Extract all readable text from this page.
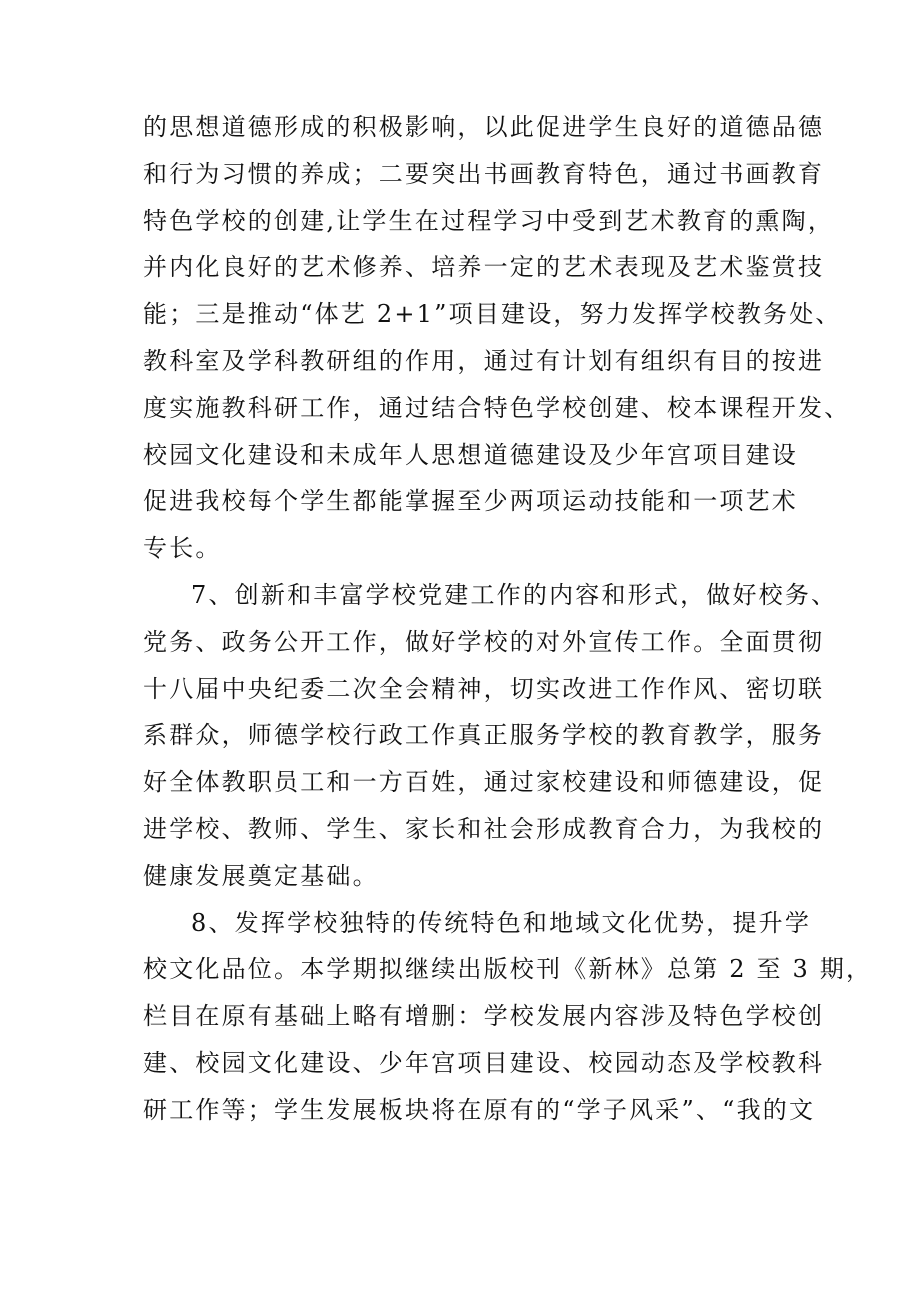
的思想道德形成的积极影响，以此促进学生良好的道德品德
和行为习惯的养成；二要突出书画教育特色，通过书画教育
特色学校的创建,让学生在过程学习中受到艺术教育的熏陶，
并内化良好的艺术修养、培养一定的艺术表现及艺术鉴赏技
能；三是推动“体艺 2+1”项目建设，努力发挥学校教务处、
教科室及学科教研组的作用，通过有计划有组织有目的按进
度实施教科研工作，通过结合特色学校创建、校本课程开发、
校园文化建设和未成年人思想道德建设及少年宫项目建设
促进我校每个学生都能掌握至少两项运动技能和一项艺术
专长。
7、创新和丰富学校党建工作的内容和形式，做好校务、
党务、政务公开工作，做好学校的对外宣传工作。全面贯彻
十八届中央纪委二次全会精神，切实改进工作作风、密切联
系群众，师德学校行政工作真正服务学校的教育教学，服务
好全体教职员工和一方百姓，通过家校建设和师德建设，促
进学校、教师、学生、家长和社会形成教育合力，为我校的
健康发展奠定基础。
8、发挥学校独特的传统特色和地域文化优势，提升学
校文化品位。本学期拟继续出版校刊《新林》总第 2 至 3 期，
栏目在原有基础上略有增删：学校发展内容涉及特色学校创
建、校园文化建设、少年宫项目建设、校园动态及学校教科
研工作等；学生发展板块将在原有的“学子风采”、“我的文
